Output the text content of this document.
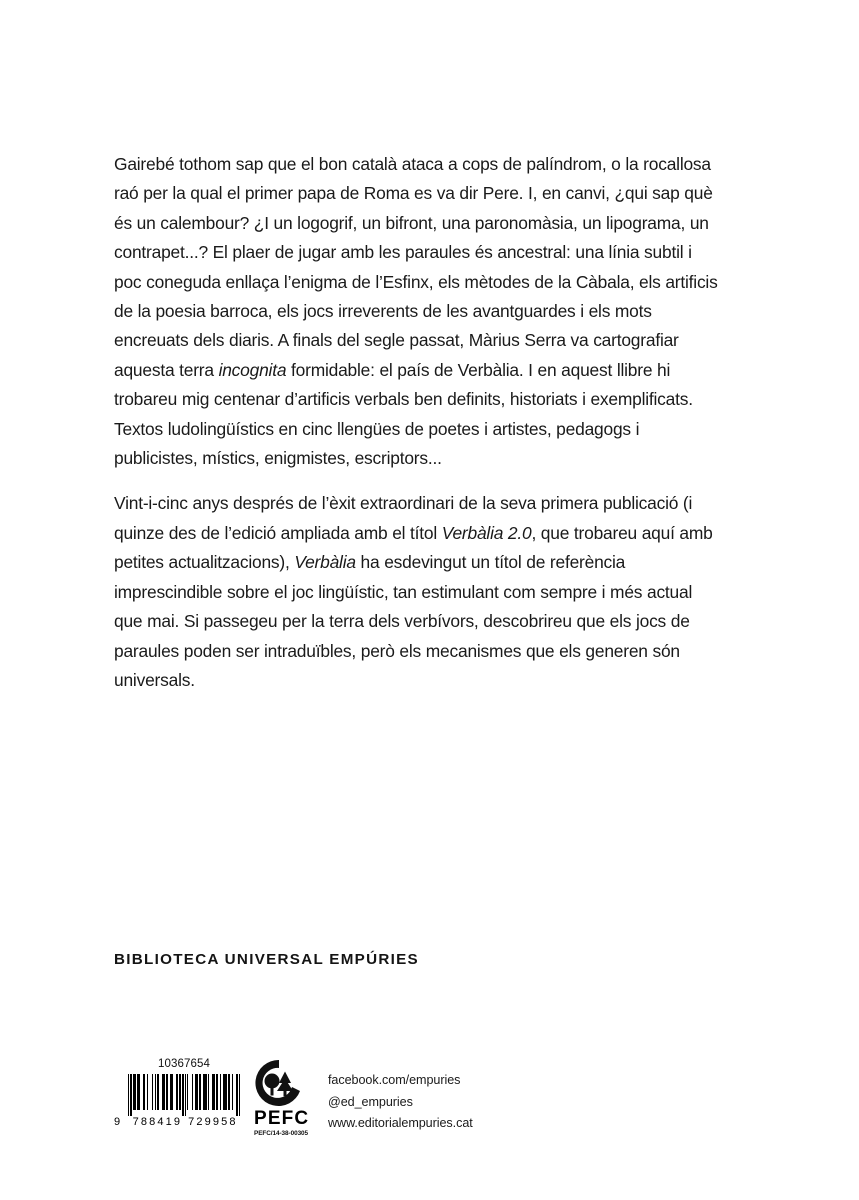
Gairebé tothom sap que el bon català ataca a cops de palíndrom, o la rocallosa raó per la qual el primer papa de Roma es va dir Pere. I, en canvi, ¿qui sap què és un calembour? ¿I un logogrif, un bifront, una paronomàsia, un lipograma, un contrapet...? El plaer de jugar amb les paraules és ancestral: una línia subtil i poc coneguda enllaça l’enigma de l’Esfinx, els mètodes de la Càbala, els artificis de la poesia barroca, els jocs irreverents de les avantguardes i els mots encreuats dels diaris. A finals del segle passat, Màrius Serra va cartografiar aquesta terra incognita formidable: el país de Verbàlia. I en aquest llibre hi trobareu mig centenar d’artificis verbals ben definits, historiats i exemplificats. Textos ludolingüístics en cinc llengües de poetes i artistes, pedagogs i publicistes, místics, enigmistes, escriptors...

Vint-i-cinc anys després de l’èxit extraordinari de la seva primera publicació (i quinze des de l’edició ampliada amb el títol Verbàlia 2.0, que trobareu aquí amb petites actualitzacions), Verbàlia ha esdevingut un títol de referència imprescindible sobre el joc lingüístic, tan estimulant com sempre i més actual que mai. Si passegeu per la terra dels verbívors, descobrireu que els jocs de paraules poden ser intraduïbles, però els mecanismes que els generen són universals.

BIBLIOTECA UNIVERSAL EMPÚRIES
10367654
9 7 8 8 4 1 9 7 2 9 9 5 8 PEFC
PEFC/14-38-00305
facebook.com/empuries
@ed_empuries
www.editorialempuries.cat
